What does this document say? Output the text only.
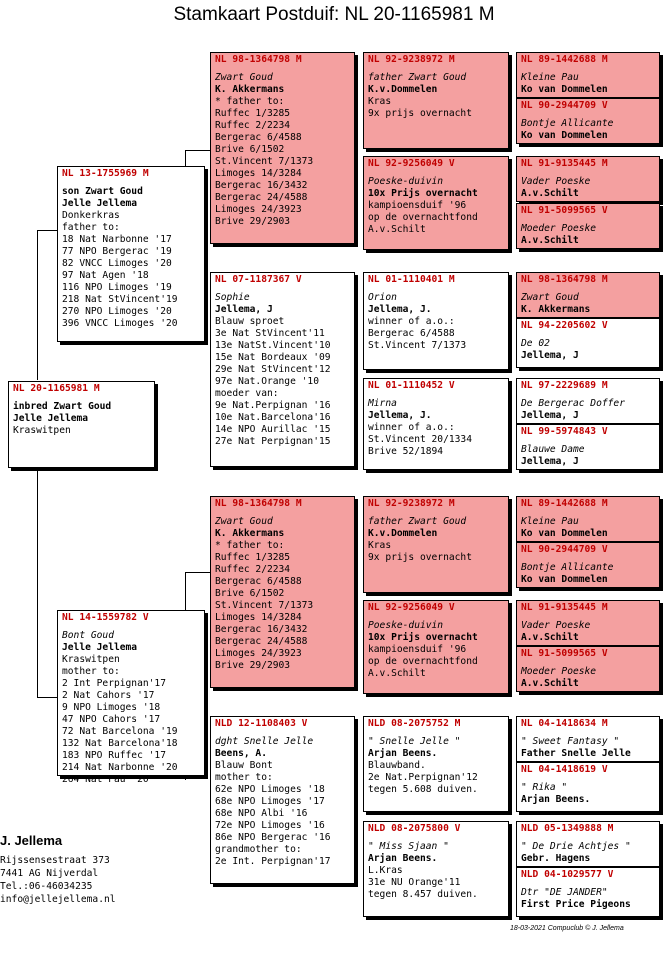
Stamkaart Postduif: NL 20-1165981 M
NL 20-1165981 M
inbred Zwart Goud
Jelle Jellema
Kraswitpen
NL 13-1755969 M
son Zwart Goud
Jelle Jellema
Donkerkras
father to:
18 Nat Narbonne '17
77 NPO Bergerac '19
82 VNCC Limoges '20
97 Nat Agen '18
116 NPO Limoges '19
218 Nat StVincent'19
270 NPO Limoges '20
396 VNCC Limoges '20
NL 14-1559782 V
Bont Goud
Jelle Jellema
Kraswitpen
mother to:
2 Int Perpignan'17
2 Nat Cahors '17
9 NPO Limoges '18
47 NPO Cahors '17
72 Nat Barcelona '19
132 Nat Barcelona'18
183 NPO Ruffec '17
214 Nat Narbonne '20
264 Nat Pau '20
NL 98-1364798 M
Zwart Goud
K. Akkermans
* father to:
Ruffec 1/3285
Ruffec 2/2234
Bergerac 6/4588
Brive 6/1502
St.Vincent 7/1373
Limoges 14/3284
Bergerac 16/3432
Bergerac 24/4588
Limoges 24/3923
Brive 29/2903
NL 07-1187367 V
Sophie
Jellema, J
Blauw sproet
3e Nat StVincent'11
13e NatSt.Vincent'10
15e Nat Bordeaux '09
29e Nat StVincent'12
97e Nat.Orange '10
moeder van:
9e Nat.Perpignan '16
10e Nat.Barcelona'16
14e NPO Aurillac '15
27e Nat Perpignan'15
NL 98-1364798 M
Zwart Goud
K. Akkermans
* father to:
Ruffec 1/3285
Ruffec 2/2234
Bergerac 6/4588
Brive 6/1502
St.Vincent 7/1373
Limoges 14/3284
Bergerac 16/3432
Bergerac 24/4588
Limoges 24/3923
Brive 29/2903
NLD 12-1108403 V
dght Snelle Jelle
Beens, A.
Blauw Bont
mother to:
62e NPO Limoges '18
68e NPO Limoges '17
68e NPO Albi '16
72e NPO Limoges '16
86e NPO Bergerac '16
grandmother to:
2e Int. Perpignan'17
NL 92-9238972 M
father Zwart Goud
K.v.Dommelen
Kras
9x prijs overnacht
NL 92-9256049 V
Poeske-duivin
10x Prijs overnacht
kampioensduif '96
op de overnachtfond
A.v.Schilt
NL 01-1110401 M
Orion
Jellema, J.
winner of a.o.:
Bergerac 6/4588
St.Vincent 7/1373
NL 01-1110452 V
Mirna
Jellema, J.
winner of a.o.:
St.Vincent 20/1334
Brive 52/1894
NL 92-9238972 M
father Zwart Goud
K.v.Dommelen
Kras
9x prijs overnacht
NL 92-9256049 V
Poeske-duivin
10x Prijs overnacht
kampioensduif '96
op de overnachtfond
A.v.Schilt
NLD 08-2075752 M
" Snelle Jelle "
Arjan Beens.
Blauwband.
2e Nat.Perpignan'12
tegen 5.608 duiven.
NLD 08-2075800 V
" Miss Sjaan "
Arjan Beens.
L.Kras
31e NU Orange'11
tegen 8.457 duiven.
NL 89-1442688 M
Kleine Pau
Ko van Dommelen
NL 90-2944709 V
Bontje Allicante
Ko van Dommelen
NL 91-9135445 M
Vader Poeske
A.v.Schilt
NL 91-5099565 V
Moeder Poeske
A.v.Schilt
NL 98-1364798 M
Zwart Goud
K. Akkermans
NL 94-2205602 V
De 02
Jellema, J
NL 97-2229689 M
De Bergerac Doffer
Jellema, J
NL 99-5974843 V
Blauwe Dame
Jellema, J
NL 89-1442688 M
Kleine Pau
Ko van Dommelen
NL 90-2944709 V
Bontje Allicante
Ko van Dommelen
NL 91-9135445 M
Vader Poeske
A.v.Schilt
NL 91-5099565 V
Moeder Poeske
A.v.Schilt
NL 04-1418634 M
" Sweet Fantasy "
Father Snelle Jelle
NL 04-1418619 V
" Rika "
Arjan Beens.
NLD 05-1349888 M
" De Drie Achtjes "
Gebr. Hagens
NLD 04-1029577 V
Dtr "DE JANDER"
First Price Pigeons
J. Jellema
Rijssensestraat 373
7441 AG Nijverdal
Tel.:06-46034235
info@jellejellema.nl
18-03-2021 Compuclub © J. Jellema
